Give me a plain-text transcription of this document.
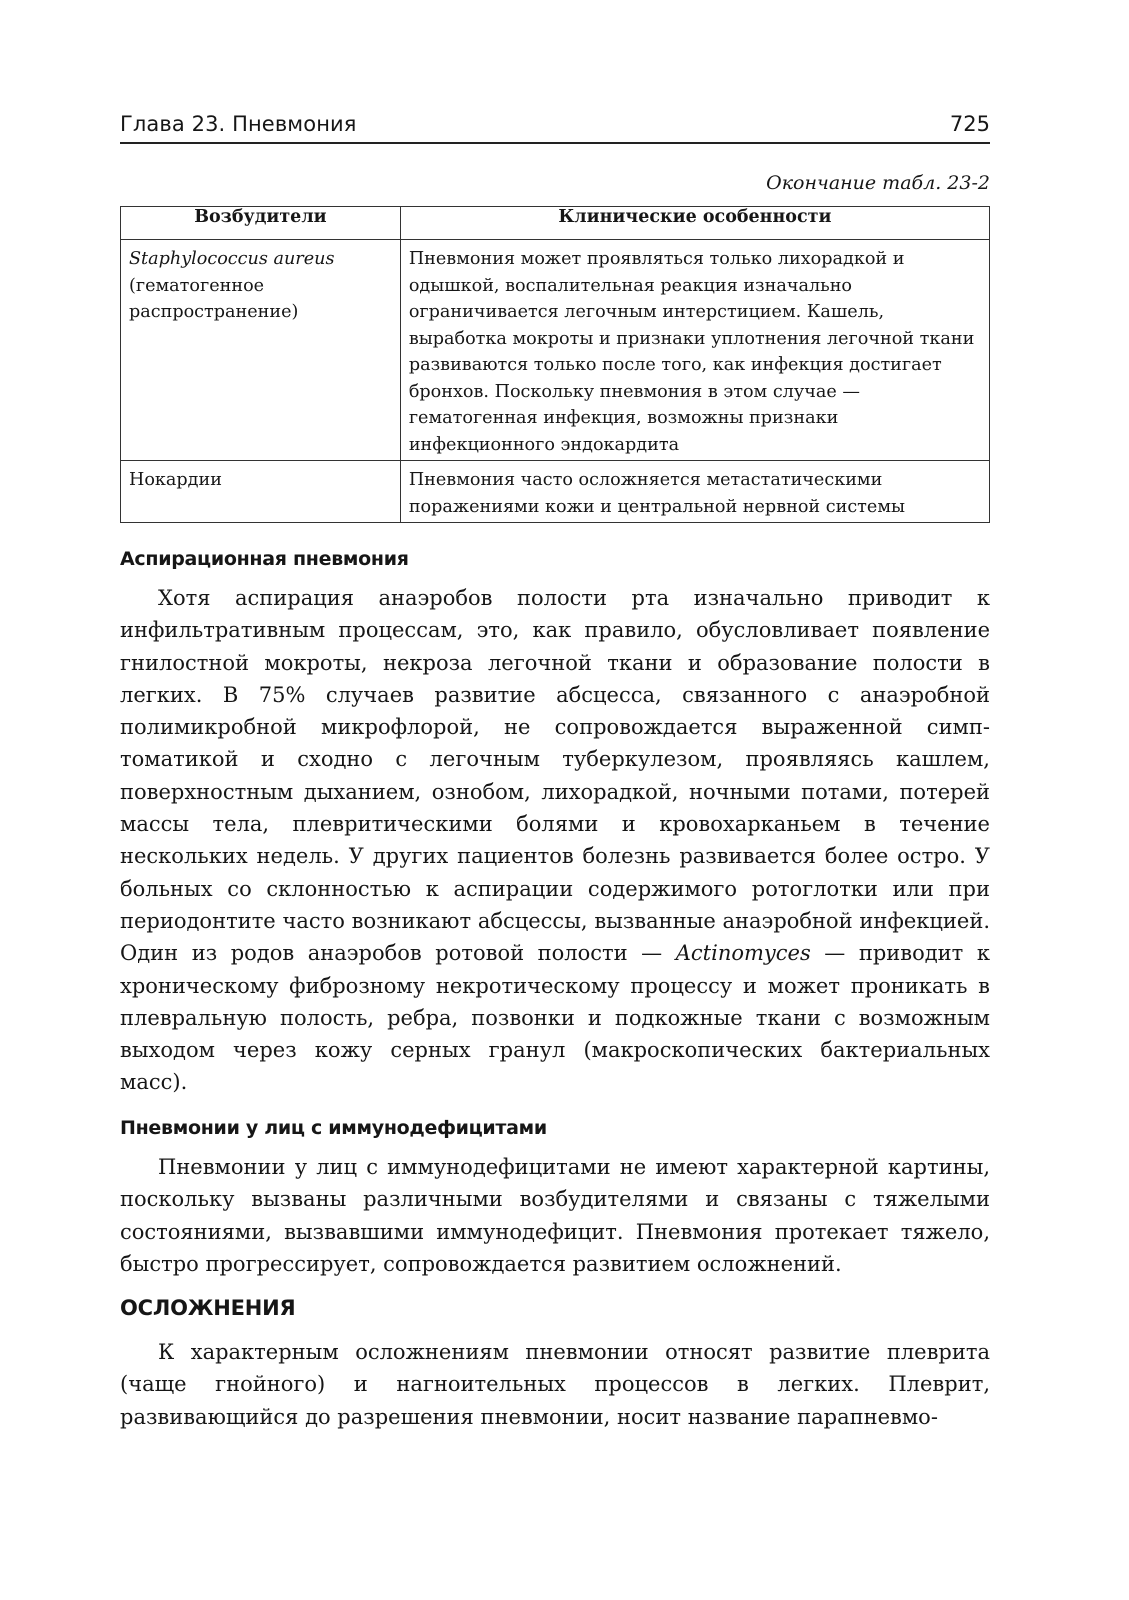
Глава 23. Пневмония	725
Окончание табл. 23-2
Возбудители	Клинические особенности
Staphylococcus aureus (гематогенное распространение)	Пневмония может проявляться только лихорадкой и одышкой, воспалительная реакция изначально ограничивается легочным интерстицием. Кашель, выработка мокроты и признаки уплотнения легочной ткани развиваются только после того, как инфекция достигает бронхов. Поскольку пневмония в этом случае — гематогенная инфекция, возможны признаки инфекционного эндокардита
Нокардии	Пневмония часто осложняется метастатическими поражениями кожи и центральной нервной системы
Аспирационная пневмония

Хотя аспирация анаэробов полости рта изначально приводит к инфильтративным процессам, это, как правило, обусловливает появление гнилостной мокроты, некроза легочной ткани и образование полости в легких. В 75% случаев развитие абсцесса, связанного с анаэробной полимикробной микрофлорой, не сопровождается выраженной симп-томатикой и сходно с легочным туберкулезом, проявляясь кашлем, поверхностным дыханием, ознобом, лихорадкой, ночными потами, потерей массы тела, плевритическими болями и кровохарканьем в течение нескольких недель. У других пациентов болезнь развивается более остро. У больных со склонностью к аспирации содержимого ротоглотки или при периодонтите часто возникают абсцессы, вызванные анаэробной инфекцией. Один из родов анаэробов ротовой полости — Actinomyces — приводит к хроническому фиброзному некротическому процессу и может проникать в плевральную полость, ребра, позвонки и подкожные ткани с возможным выходом через кожу серных гранул (макроскопических бактериальных масс).

Пневмонии у лиц с иммунодефицитами

Пневмонии у лиц с иммунодефицитами не имеют характерной картины, поскольку вызваны различными возбудителями и связаны с тяжелыми состояниями, вызвавшими иммунодефицит. Пневмония протекает тяжело, быстро прогрессирует, сопровождается развитием осложнений.

ОСЛОЖНЕНИЯ

К характерным осложнениям пневмонии относят развитие плеврита (чаще гнойного) и нагноительных процессов в легких. Плеврит, развивающийся до разрешения пневмонии, носит название парапневмо-
